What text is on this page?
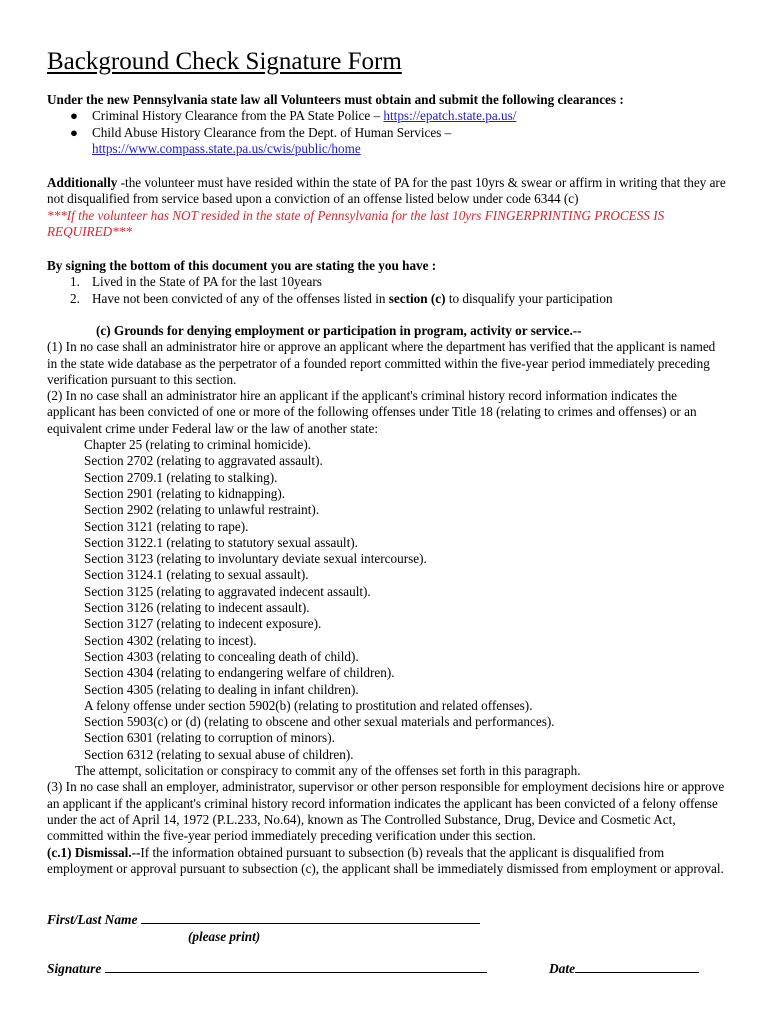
Background Check Signature Form
Under the new Pennsylvania state law all Volunteers must obtain and submit the following clearances :
● Criminal History Clearance from the PA State Police – https://epatch.state.pa.us/
● Child Abuse History Clearance from the Dept. of Human Services –
https://www.compass.state.pa.us/cwis/public/home
Additionally -the volunteer must have resided within the state of PA for the past 10yrs & swear or affirm in writing that they are not disqualified from service based upon a conviction of an offense listed below under code 6344 (c)
***If the volunteer has NOT resided in the state of Pennsylvania for the last 10yrs FINGERPRINTING PROCESS IS REQUIRED***
By signing the bottom of this document you are stating the you have :
1. Lived in the State of PA for the last 10years
2. Have not been convicted of any of the offenses listed in section (c) to disqualify your participation
(c) Grounds for denying employment or participation in program, activity or service.--
(1) In no case shall an administrator hire or approve an applicant where the department has verified that the applicant is named in the state wide database as the perpetrator of a founded report committed within the five-year period immediately preceding verification pursuant to this section.
(2) In no case shall an administrator hire an applicant if the applicant's criminal history record information indicates the applicant has been convicted of one or more of the following offenses under Title 18 (relating to crimes and offenses) or an equivalent crime under Federal law or the law of another state:
Chapter 25 (relating to criminal homicide).
Section 2702 (relating to aggravated assault).
Section 2709.1 (relating to stalking).
Section 2901 (relating to kidnapping).
Section 2902 (relating to unlawful restraint).
Section 3121 (relating to rape).
Section 3122.1 (relating to statutory sexual assault).
Section 3123 (relating to involuntary deviate sexual intercourse).
Section 3124.1 (relating to sexual assault).
Section 3125 (relating to aggravated indecent assault).
Section 3126 (relating to indecent assault).
Section 3127 (relating to indecent exposure).
Section 4302 (relating to incest).
Section 4303 (relating to concealing death of child).
Section 4304 (relating to endangering welfare of children).
Section 4305 (relating to dealing in infant children).
A felony offense under section 5902(b) (relating to prostitution and related offenses).
Section 5903(c) or (d) (relating to obscene and other sexual materials and performances).
Section 6301 (relating to corruption of minors).
Section 6312 (relating to sexual abuse of children).
The attempt, solicitation or conspiracy to commit any of the offenses set forth in this paragraph.
(3) In no case shall an employer, administrator, supervisor or other person responsible for employment decisions hire or approve an applicant if the applicant's criminal history record information indicates the applicant has been convicted of a felony offense under the act of April 14, 1972 (P.L.233, No.64), known as The Controlled Substance, Drug, Device and Cosmetic Act, committed within the five-year period immediately preceding verification under this section.
(c.1) Dismissal.--If the information obtained pursuant to subsection (b) reveals that the applicant is disqualified from employment or approval pursuant to subsection (c), the applicant shall be immediately dismissed from employment or approval.
First/Last Name
(please print)
Signature	Date
